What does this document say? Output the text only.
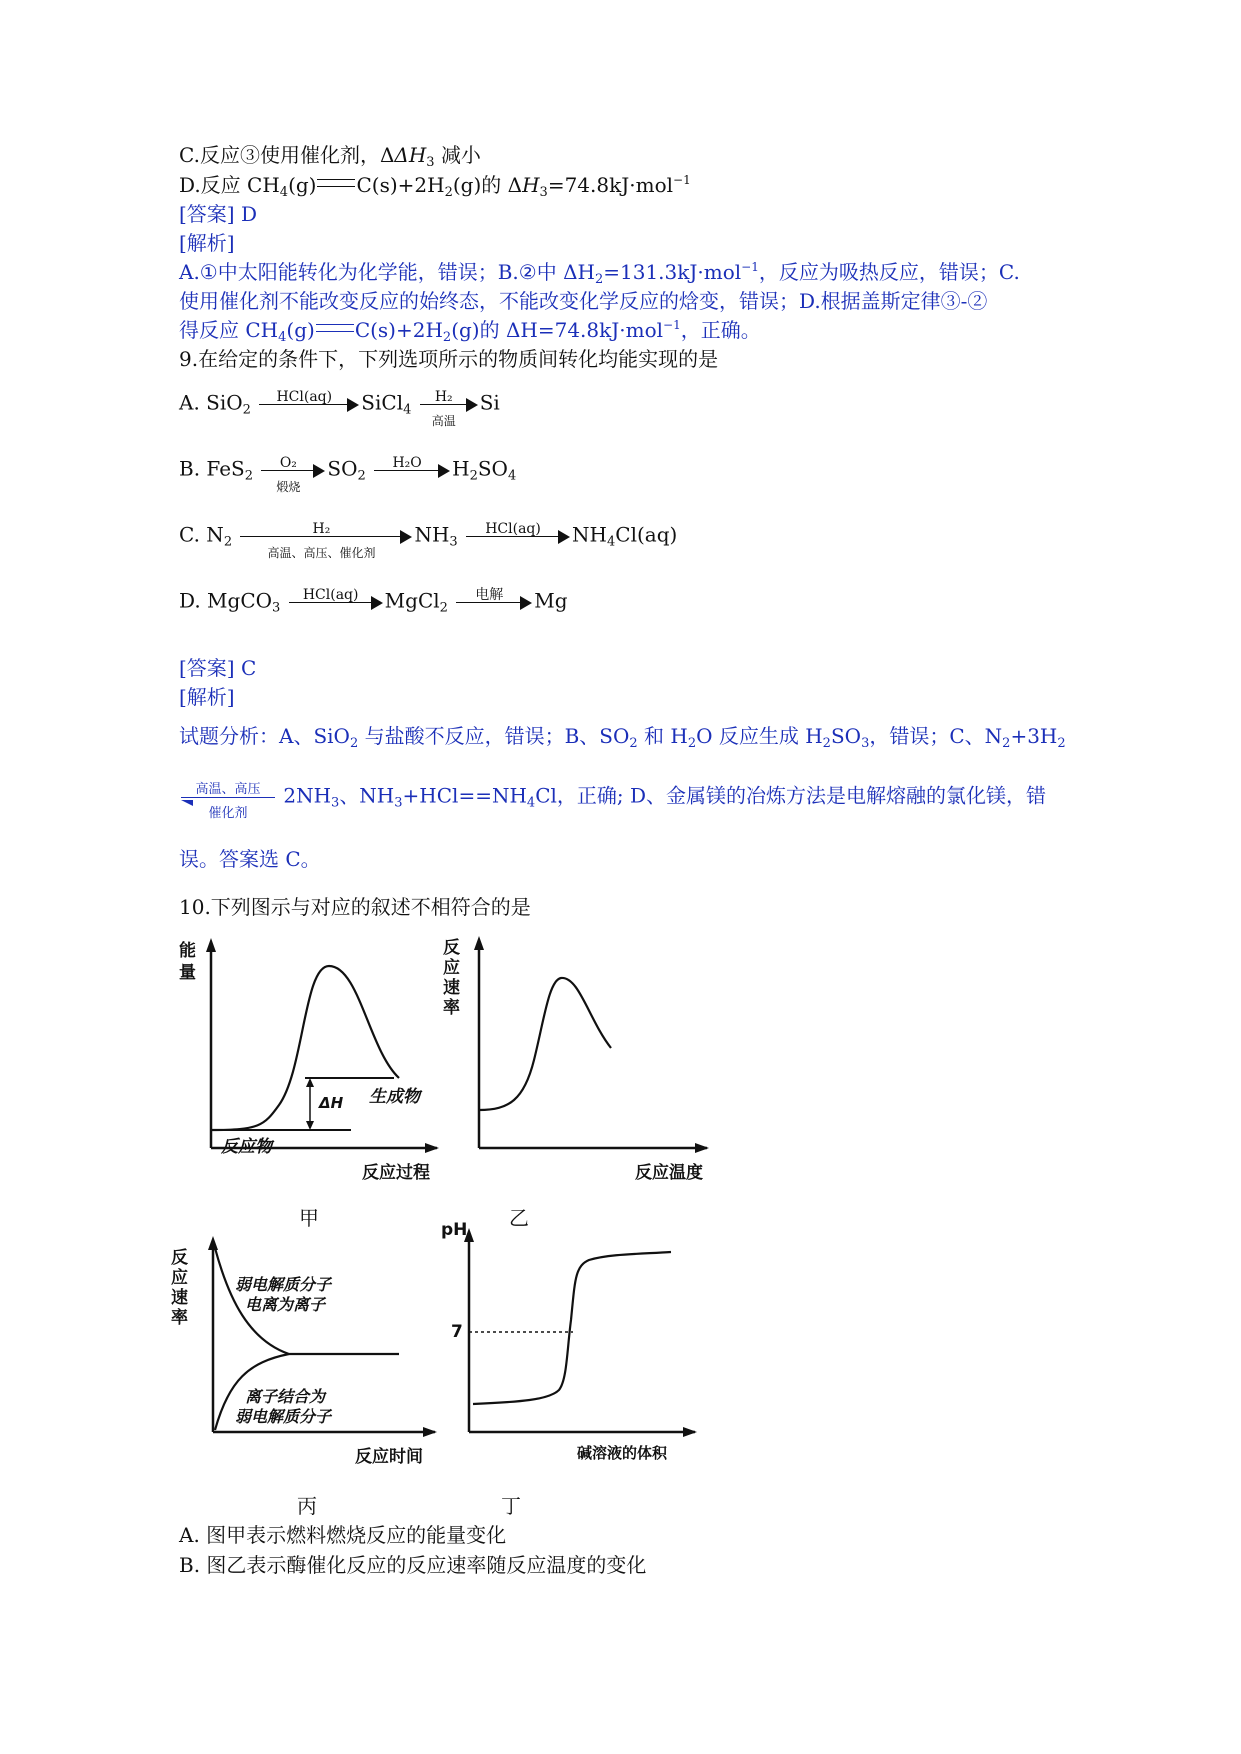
C.反应③使用催化剂，$\Delta\Delta H_3$ 减小
D.反应 $CH_4(g)$ $C(s)+2H_2(g)$的 $\Delta H_3=74.8kJ\cdot mol^{-1}$
[答案] D
[解析]
A.①中太阳能转化为化学能，错误；B.②中 $\Delta H_2=131.3kJ\cdot mol^{-1}$，反应为吸热反应，错误；C.
使用催化剂不能改变反应的始终态，不能改变化学反应的焓变，错误；D.根据盖斯定律③-②
得反应 $CH_4(g)$ $C(s)+2H_2(g)$的 ΔH=74.8kJ·mol$^{-1}$，正确。
9.在给定的条件下，下列选项所示的物质间转化均能实现的是
A. SiO$_2$
HCl(aq)	SiCl$_4$
H₂
高温
Si
B. FeS$_2$
O₂
煅烧
$SO_2$
H₂O	$H_2SO_4$
C. $N_2$
H₂
高温、高压、催化剂
$NH_3$
HCl(aq)	$NH_4Cl(aq)$
D. MgCO$_3$
HCl(aq)	MgCl$_2$
电解	Mg
[答案] C
[解析]
试题分析：A、SiO$_2$ 与盐酸不反应，错误；B、$SO_2$ 和 $H_2O$ 反应生成 $H_2SO_3$，错误；C、$N_2+3H_2$
高温、高压
催化剂
$2NH_3$、$NH_3+HCl==NH_4Cl$，正确; D、金属镁的冶炼方法是电解熔融的氯化镁，错
误。答案选 C。
10.下列图示与对应的叙述不相符合的是
能量
反应过程
反应物
生成物
ΔH
甲
反应速率
反应温度
乙
反应速率
反应时间
弱电解质分子
电离为离子
离子结合为
弱电解质分子
丙
pH
7
碱溶液的体积
丁
A. 图甲表示燃料燃烧反应的能量变化
B. 图乙表示酶催化反应的反应速率随反应温度的变化
